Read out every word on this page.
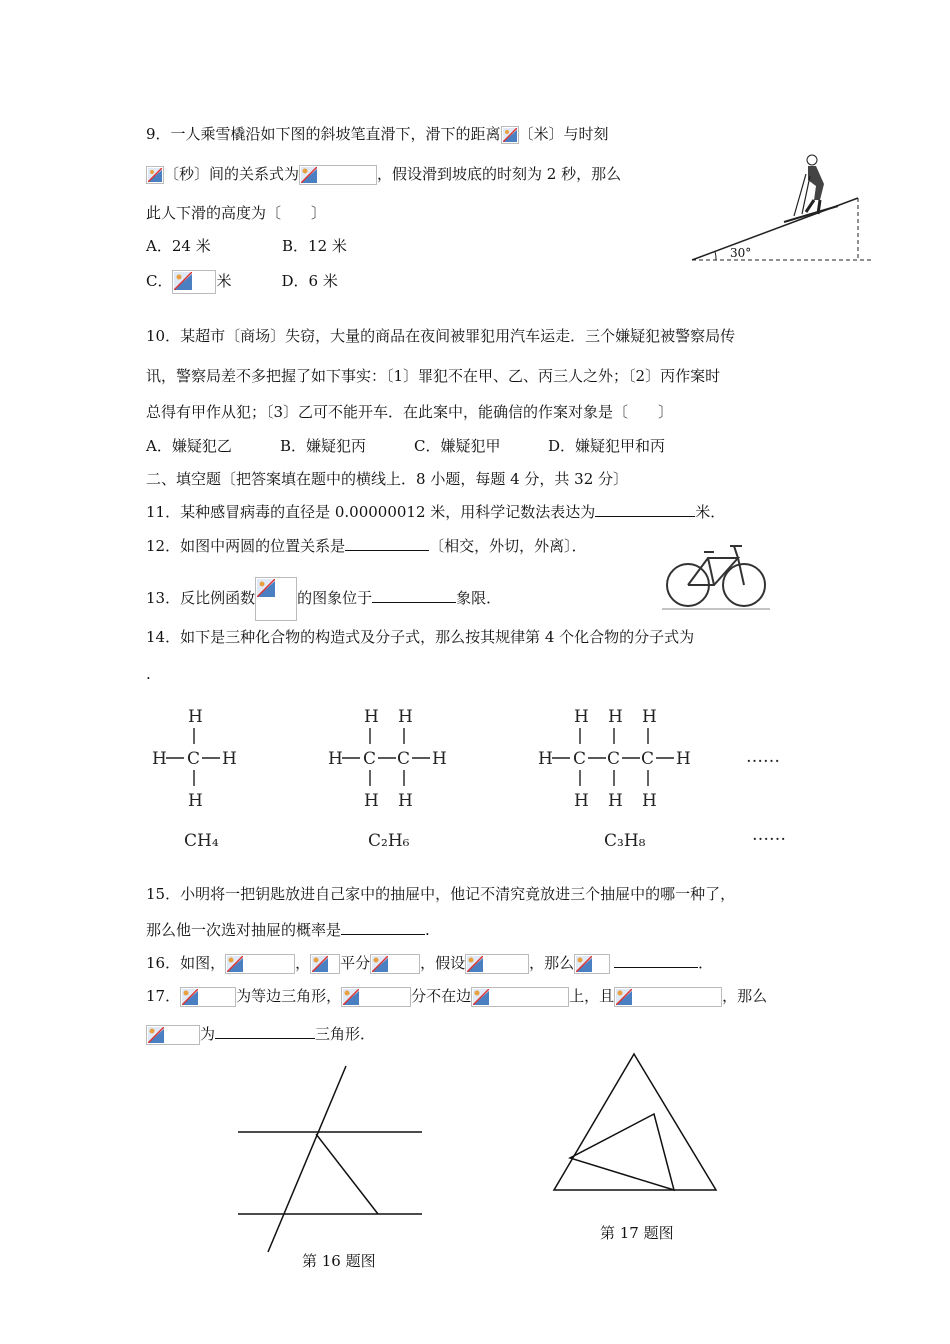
9．一人乘雪橇沿如下图的斜坡笔直滑下，滑下的距离 〔米〕与时刻
〔秒〕间的关系式为	，假设滑到坡底的时刻为 2 秒，那么
此人下滑的高度为〔　　〕
A．24 米	B．12 米
C．	米	D．6 米
30°
10．某超市〔商场〕失窃，大量的商品在夜间被罪犯用汽车运走．三个嫌疑犯被警察局传
讯，警察局差不多把握了如下事实：〔1〕罪犯不在甲、乙、丙三人之外；〔2〕丙作案时
总得有甲作从犯；〔3〕乙可不能开车．在此案中，能确信的作案对象是〔　　〕
A．嫌疑犯乙	B．嫌疑犯丙	C．嫌疑犯甲	D．嫌疑犯甲和丙
二、填空题〔把答案填在题中的横线上．8 小题，每题 4 分，共 32 分〕
11．某种感冒病毒的直径是 0.00000012 米，用科学记数法表达为	米．
12．如图中两圆的位置关系是	〔相交，外切，外离〕．
13．反比例函数	的图象位于	象限．
14．如下是三种化合物的构造式及分子式，那么按其规律第 4 个化合物的分子式为
.
H
H C H
H
H H
H C C H
H H
H H H
H C C C H
H H H
……
CH₄	C₂H₆	C₃H₈	……
15．小明将一把钥匙放进自己家中的抽屉中，他记不清究竟放进三个抽屉中的哪一种了，
那么他一次选对抽屉的概率是	.
16．如图，	， 平分	，假设	，那么	．
17．	为等边三角形，	分不在边	上，且	，那么
为	三角形．
第 16 题图
第 17 题图
